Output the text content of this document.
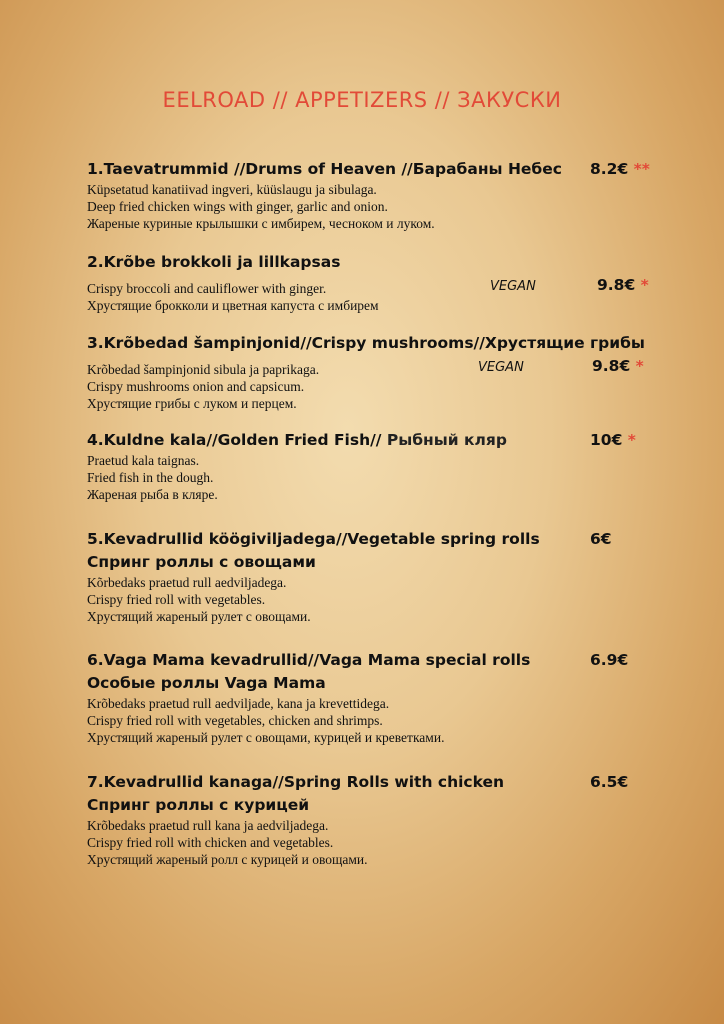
EELROAD // APPETIZERS // ЗАКУСКИ
1.Taevatrummid //Drums of Heaven //Барабаны Небес	8.2€ **
Küpsetatud kanatiivad ingveri, küüslaugu ja sibulaga.
Deep fried chicken wings with ginger, garlic and onion.
Жареные куриные крылышки с имбирем, чесноком и луком.
2.Krõbe brokkoli ja lillkapsas
VEGAN	9.8€ *
Crispy broccoli and cauliflower with ginger.
Хрустящие брокколи и цветная капуста с имбирем
3.Krõbedad šampinjonid//Crispy mushrooms//Хрустящие грибы
VEGAN	9.8€ *
Krõbedad šampinjonid sibula ja paprikaga.
Crispy mushrooms onion and capsicum.
Хрустящие грибы с луком и перцем.
4.Kuldne kala//Golden Fried Fish// Рыбный кляр	10€ *
Praetud kala taignas.
Fried fish in the dough.
Жареная рыба в кляре.
5.Kevadrullid köögiviljadega//Vegetable spring rolls	6€
Спринг роллы с овощами
Kõrbedaks praetud rull aedviljadega.
Crispy fried roll with vegetables.
Хрустящий жареный рулет с овощами.
6.Vaga Mama kevadrullid//Vaga Mama special rolls	6.9€
Особые роллы Vaga Mama
Krõbedaks praetud rull aedviljade, kana ja krevettidega.
Crispy fried roll with vegetables, chicken and shrimps.
Хрустящий жареный рулет с овощами, курицей и креветками.
7.Kevadrullid kanaga//Spring Rolls with chicken	6.5€
Спринг роллы с курицей
Krõbedaks praetud rull kana ja aedviljadega.
Crispy fried roll with chicken and vegetables.
Хрустящий жареный ролл с курицей и овощами.
